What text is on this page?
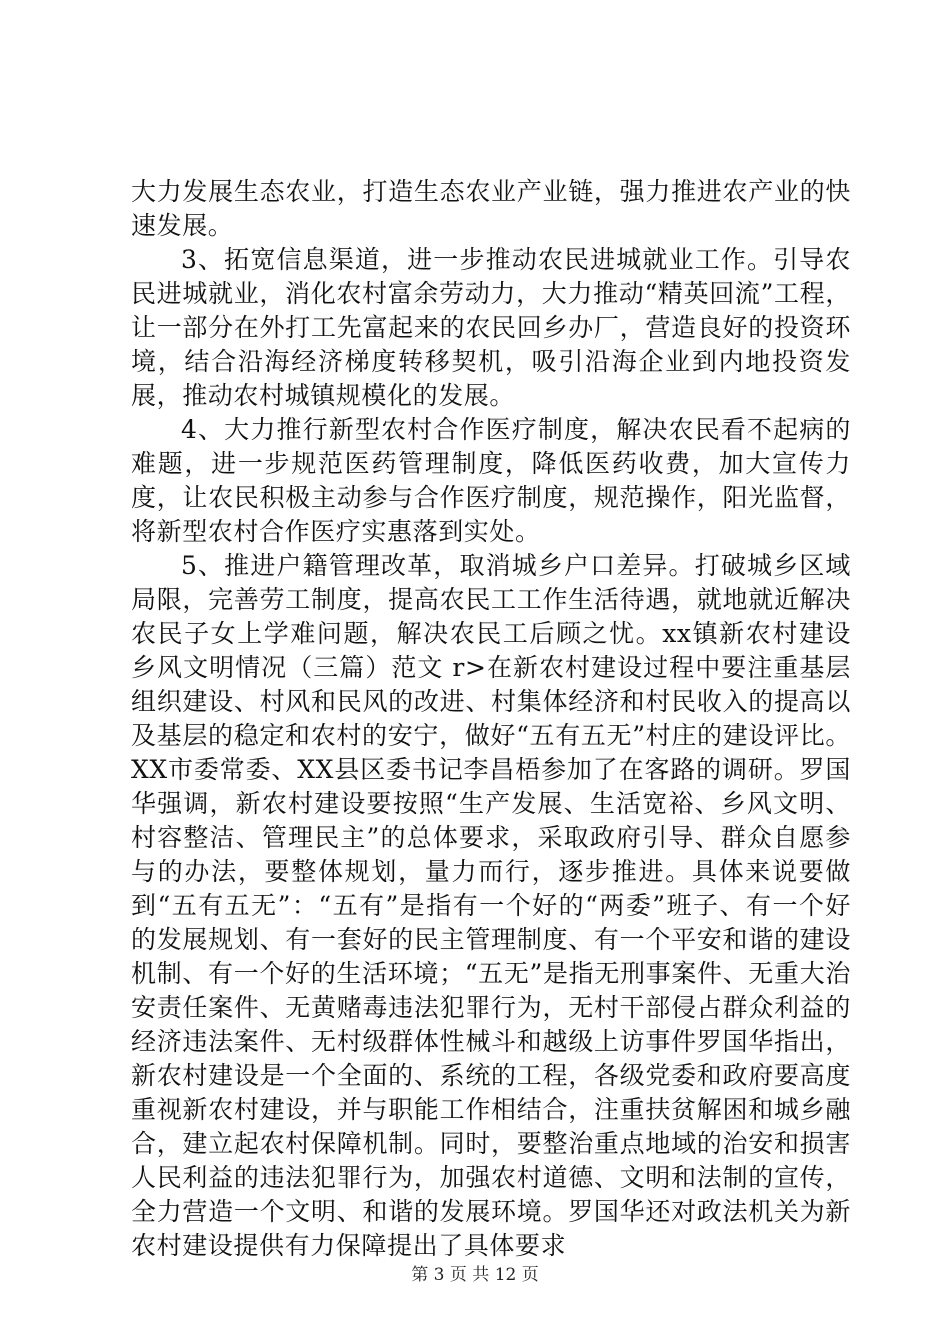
大力发展生态农业，打造生态农业产业链，强力推进农产业的快速发展。

3、拓宽信息渠道，进一步推动农民进城就业工作。引导农民进城就业，消化农村富余劳动力，大力推动“精英回流”工程，让一部分在外打工先富起来的农民回乡办厂，营造良好的投资环境，结合沿海经济梯度转移契机，吸引沿海企业到内地投资发展，推动农村城镇规模化的发展。

4、大力推行新型农村合作医疗制度，解决农民看不起病的难题，进一步规范医药管理制度，降低医药收费，加大宣传力度，让农民积极主动参与合作医疗制度，规范操作，阳光监督，将新型农村合作医疗实惠落到实处。

5、推进户籍管理改革，取消城乡户口差异。打破城乡区域局限，完善劳工制度，提高农民工工作生活待遇，就地就近解决农民子女上学难问题，解决农民工后顾之忧。xx镇新农村建设乡风文明情况（三篇）范文 r>在新农村建设过程中要注重基层组织建设、村风和民风的改进、村集体经济和村民收入的提高以及基层的稳定和农村的安宁，做好“五有五无”村庄的建设评比。XX市委常委、XX县区委书记李昌梧参加了在客路的调研。罗国华强调，新农村建设要按照“生产发展、生活宽裕、乡风文明、村容整洁、管理民主”的总体要求，采取政府引导、群众自愿参与的办法，要整体规划，量力而行，逐步推进。具体来说要做到“五有五无”：“五有”是指有一个好的“两委”班子、有一个好的发展规划、有一套好的民主管理制度、有一个平安和谐的建设机制、有一个好的生活环境；“五无”是指无刑事案件、无重大治安责任案件、无黄赌毒违法犯罪行为，无村干部侵占群众利益的经济违法案件、无村级群体性械斗和越级上访事件罗国华指出，新农村建设是一个全面的、系统的工程，各级党委和政府要高度重视新农村建设，并与职能工作相结合，注重扶贫解困和城乡融合，建立起农村保障机制。同时，要整治重点地域的治安和损害人民利益的违法犯罪行为，加强农村道德、文明和法制的宣传，全力营造一个文明、和谐的发展环境。罗国华还对政法机关为新农村建设提供有力保障提出了具体要求

第 3 页 共 12 页
